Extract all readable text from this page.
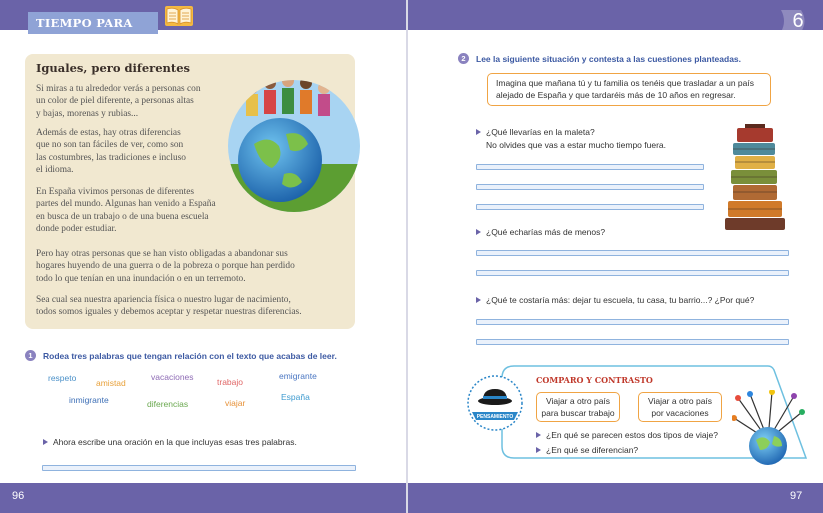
TIEMPO PARA LEER
6
96	97
Iguales, pero diferentes
Si miras a tu alrededor verás a personas con
un color de piel diferente, a personas altas
y bajas, morenas y rubias...
Además de estas, hay otras diferencias
que no son tan fáciles de ver, como son
las costumbres, las tradiciones e incluso
el idioma.
En España vivimos personas de diferentes
partes del mundo. Algunas han venido a España
en busca de un trabajo o de una buena escuela
donde poder estudiar.
Pero hay otras personas que se han visto obligadas a abandonar sus
hogares huyendo de una guerra o de la pobreza o porque han perdido
todo lo que tenían en una inundación o en un terremoto.
Sea cual sea nuestra apariencia física o nuestro lugar de nacimiento,
todos somos iguales y debemos aceptar y respetar nuestras diferencias.
1	Rodea tres palabras que tengan relación con el texto que acabas de leer.
respeto amistad
vacaciones	trabajo
emigrante
inmigrante	diferencias	viajar
España
Ahora escribe una oración en la que incluyas esas tres palabras.
2	Lee la siguiente situación y contesta a las cuestiones planteadas.
Imagina que mañana tú y tu familia os tenéis que trasladar a un país
alejado de España y que tardaréis más de 10 años en regresar.
¿Qué llevarías en la maleta?
No olvides que vas a estar mucho tiempo fuera.
¿Qué echarías más de menos?
¿Qué te costaría más: dejar tu escuela, tu casa, tu barrio...? ¿Por qué?
PENSAMIENTO
COMPARO Y CONTRASTO
Viajar a otro país
para buscar trabajo
Viajar a otro país
por vacaciones
¿En qué se parecen estos dos tipos de viaje?
¿En qué se diferencian?
